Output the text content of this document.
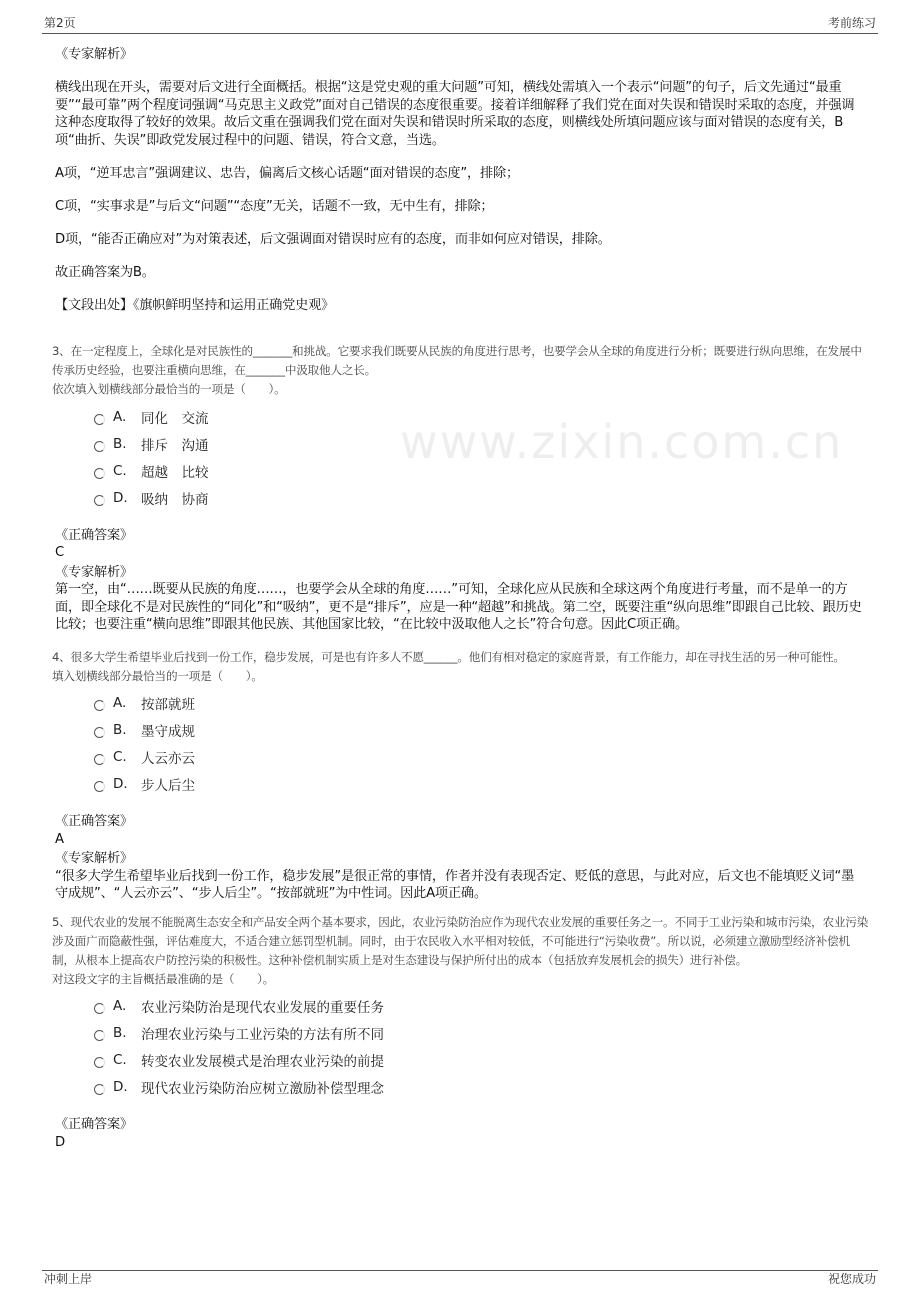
第2页	考前练习
www.zixin.com.cn
《专家解析》
横线出现在开头，需要对后文进行全面概括。根据“这是党史观的重大问题”可知，横线处需填入一个表示“问题”的句子，后文先通过“最重要”“最可靠”两个程度词强调“马克思主义政党”面对自己错误的态度很重要。接着详细解释了我们党在面对失误和错误时采取的态度，并强调这种态度取得了较好的效果。故后文重在强调我们党在面对失误和错误时所采取的态度，则横线处所填问题应该与面对错误的态度有关，B项“曲折、失误”即政党发展过程中的问题、错误，符合文意，当选。
A项，“逆耳忠言”强调建议、忠告，偏离后文核心话题“面对错误的态度”，排除；
C项，“实事求是”与后文“问题”“态度”无关，话题不一致，无中生有，排除；
D项，“能否正确应对”为对策表述，后文强调面对错误时应有的态度，而非如何应对错误，排除。
故正确答案为B。
【文段出处】《旗帜鲜明坚持和运用正确党史观》
3、在一定程度上，全球化是对民族性的_______和挑战。它要求我们既要从民族的角度进行思考，也要学会从全球的角度进行分析；既要进行纵向思维，在发展中传承历史经验，也要注重横向思维，在_______中汲取他人之长。
依次填入划横线部分最恰当的一项是（　　）。
A.	同化　交流
B.	排斥　沟通
C.	超越　比较
D. 吸纳　协商
《正确答案》
C
《专家解析》
第一空，由“……既要从民族的角度……，也要学会从全球的角度……”可知，全球化应从民族和全球这两个角度进行考量，而不是单一的方面，即全球化不是对民族性的“同化”和“吸纳”，更不是“排斥”，应是一种“超越”和挑战。第二空，既要注重“纵向思维”即跟自己比较、跟历史比较；也要注重“横向思维”即跟其他民族、其他国家比较，“在比较中汲取他人之长”符合句意。因此C项正确。
4、很多大学生希望毕业后找到一份工作，稳步发展，可是也有许多人不愿______。他们有相对稳定的家庭背景，有工作能力，却在寻找生活的另一种可能性。
填入划横线部分最恰当的一项是（　　）。
A.	按部就班
B.	墨守成规
C.	人云亦云
D. 步人后尘
《正确答案》
A
《专家解析》
“很多大学生希望毕业后找到一份工作，稳步发展”是很正常的事情，作者并没有表现否定、贬低的意思，与此对应，后文也不能填贬义词“墨守成规”、“人云亦云”、“步人后尘”。“按部就班”为中性词。因此A项正确。
5、现代农业的发展不能脱离生态安全和产品安全两个基本要求，因此，农业污染防治应作为现代农业发展的重要任务之一。不同于工业污染和城市污染，农业污染涉及面广而隐蔽性强，评估难度大，不适合建立惩罚型机制。同时，由于农民收入水平相对较低，不可能进行“污染收费”。所以说，必须建立激励型经济补偿机制，从根本上提高农户防控污染的积极性。这种补偿机制实质上是对生态建设与保护所付出的成本（包括放弃发展机会的损失）进行补偿。
对这段文字的主旨概括最准确的是（　　）。
A.	农业污染防治是现代农业发展的重要任务
B.	治理农业污染与工业污染的方法有所不同
C.	转变农业发展模式是治理农业污染的前提
D. 现代农业污染防治应树立激励补偿型理念
《正确答案》
D
冲刺上岸	祝您成功
